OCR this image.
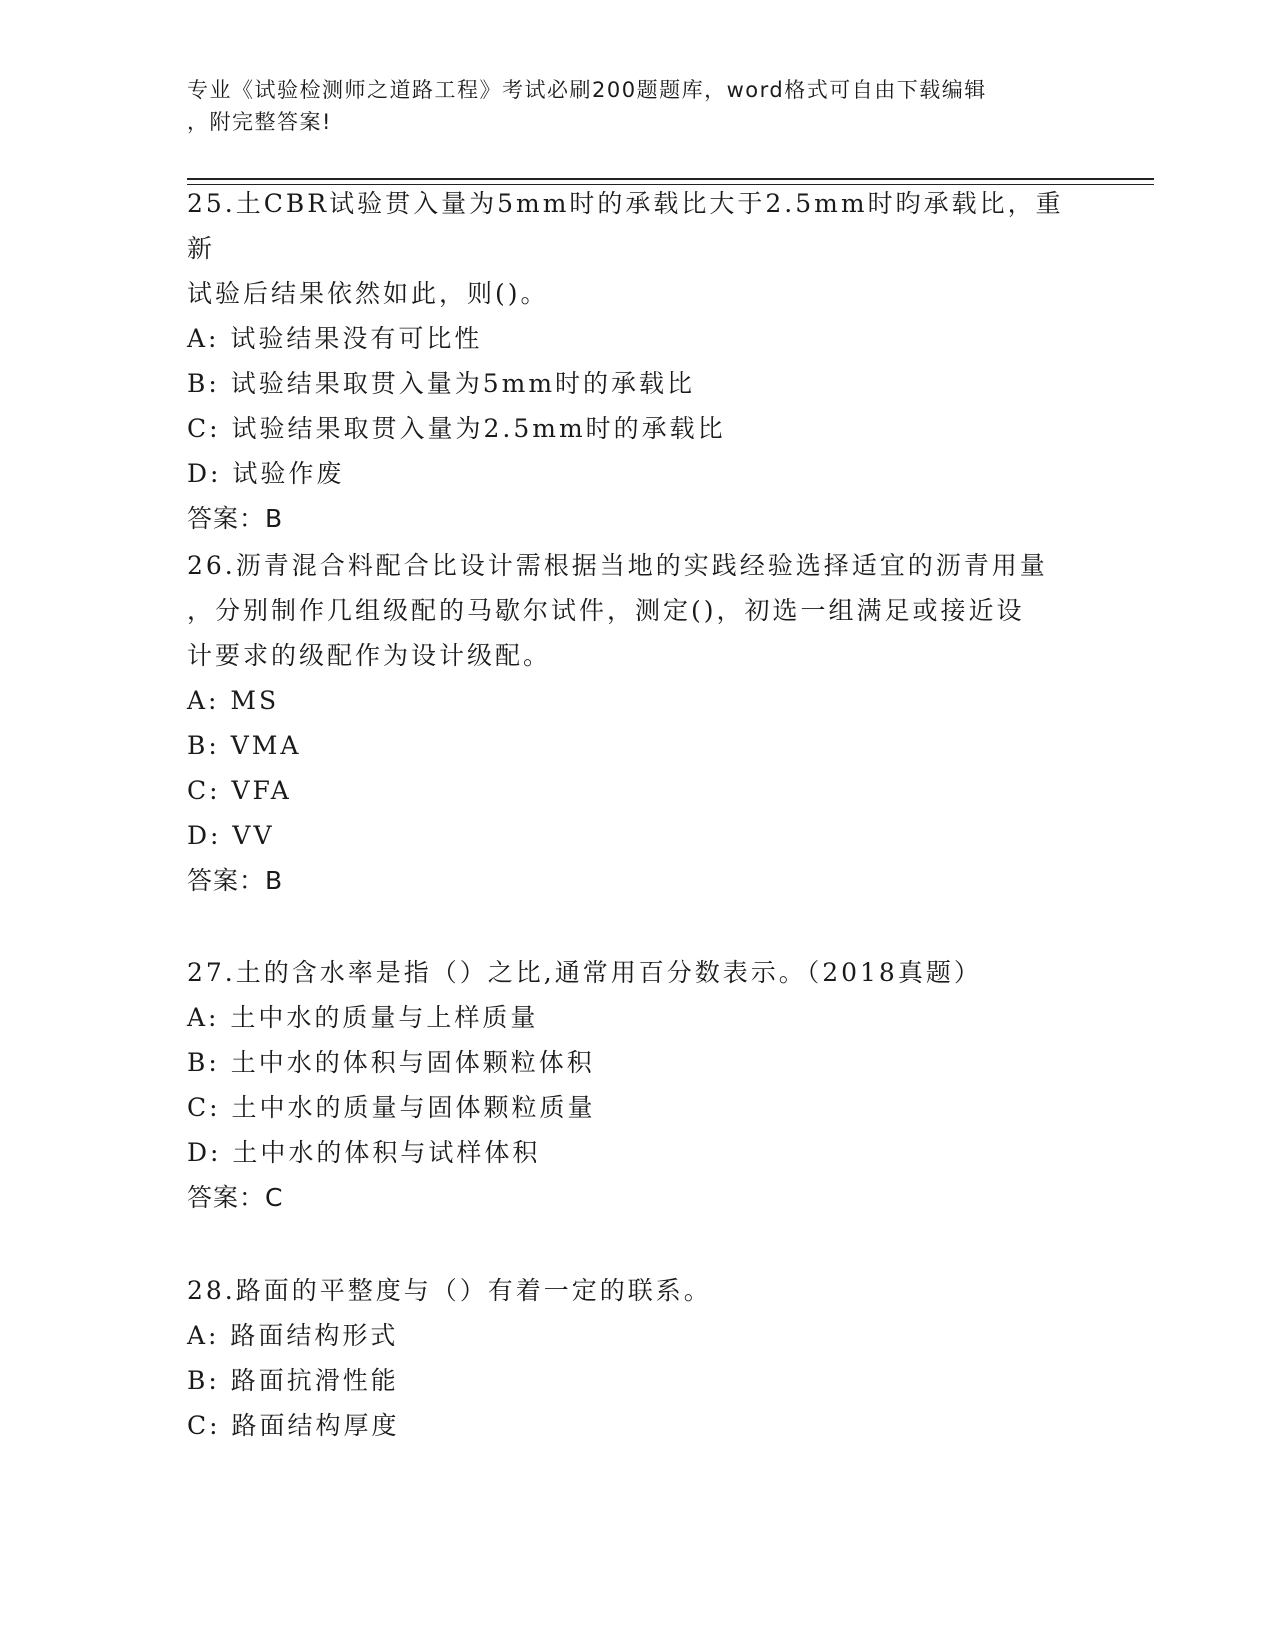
专业《试验检测师之道路工程》考试必刷200题题库，word格式可自由下载编辑
，附完整答案!

25.土CBR试验贯入量为5mm时的承载比大于2.5mm时昀承载比，重新

试验后结果依然如此，则()。

A: 试验结果没有可比性

B: 试验结果取贯入量为5mm时的承载比

C: 试验结果取贯入量为2.5mm时的承载比

D: 试验作废

答案：B

26.沥青混合料配合比设计需根据当地的实践经验选择适宜的沥青用量

，分别制作几组级配的马歇尔试件，测定()，初选一组满足或接近设

计要求的级配作为设计级配。

A: MS

B: VMA

C: VFA

D: VV

答案：B

27.土的含水率是指（）之比,通常用百分数表示。（2018真题）

A: 土中水的质量与上样质量

B: 土中水的体积与固体颗粒体积

C: 土中水的质量与固体颗粒质量

D: 土中水的体积与试样体积

答案：C

28.路面的平整度与（）有着一定的联系。

A: 路面结构形式

B: 路面抗滑性能

C: 路面结构厚度
